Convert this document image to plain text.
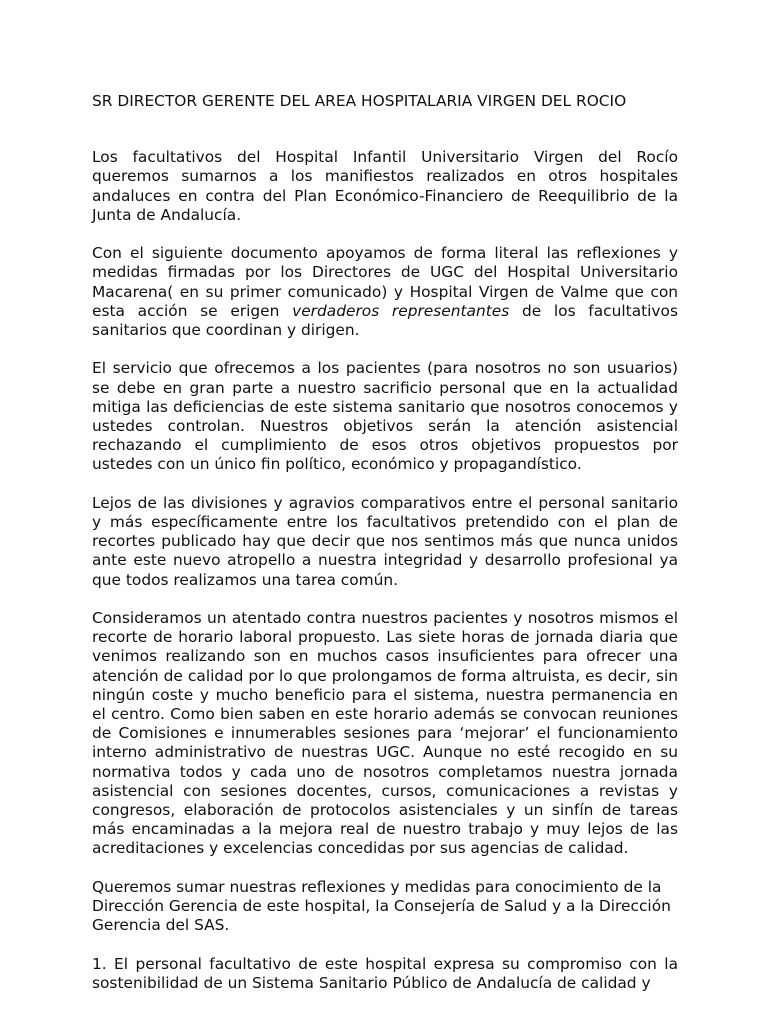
SR DIRECTOR GERENTE DEL AREA HOSPITALARIA VIRGEN DEL ROCIO

Los facultativos del Hospital Infantil Universitario Virgen del Rocío queremos sumarnos a los manifiestos realizados en otros hospitales andaluces en contra del Plan Económico-Financiero de Reequilibrio de la Junta de Andalucía.

Con el siguiente documento apoyamos de forma literal las reflexiones y medidas firmadas por los Directores de UGC del Hospital Universitario Macarena( en su primer comunicado) y Hospital Virgen de Valme que con esta acción se erigen verdaderos representantes de los facultativos sanitarios que coordinan y dirigen.

El servicio que ofrecemos a los pacientes (para nosotros no son usuarios) se debe en gran parte a nuestro sacrificio personal que en la actualidad mitiga las deficiencias de este sistema sanitario que nosotros conocemos y ustedes controlan. Nuestros objetivos serán la atención asistencial rechazando el cumplimiento de esos otros objetivos propuestos por ustedes con un único fin político, económico y propagandístico.

Lejos de las divisiones y agravios comparativos entre el personal sanitario y más específicamente entre los facultativos pretendido con el plan de recortes publicado hay que decir que nos sentimos más que nunca unidos ante este nuevo atropello a nuestra integridad y desarrollo profesional ya que todos realizamos una tarea común.

Consideramos un atentado contra nuestros pacientes y nosotros mismos el recorte de horario laboral propuesto. Las siete horas de jornada diaria que venimos realizando son en muchos casos insuficientes para ofrecer una atención de calidad por lo que prolongamos de forma altruista, es decir, sin ningún coste y mucho beneficio para el sistema, nuestra permanencia en el centro. Como bien saben en este horario además se convocan reuniones de Comisiones e innumerables sesiones para ‘mejorar’ el funcionamiento interno administrativo de nuestras UGC. Aunque no esté recogido en su normativa todos y cada uno de nosotros completamos nuestra jornada asistencial con sesiones docentes, cursos, comunicaciones a revistas y congresos, elaboración de protocolos asistenciales y un sinfín de tareas más encaminadas a la mejora real de nuestro trabajo y muy lejos de las acreditaciones y excelencias concedidas por sus agencias de calidad.

Queremos sumar nuestras reflexiones y medidas para conocimiento de la Dirección Gerencia de este hospital, la Consejería de Salud y a la Dirección Gerencia del SAS.

1. El personal facultativo de este hospital expresa su compromiso con la sostenibilidad de un Sistema Sanitario Público de Andalucía de calidad y
